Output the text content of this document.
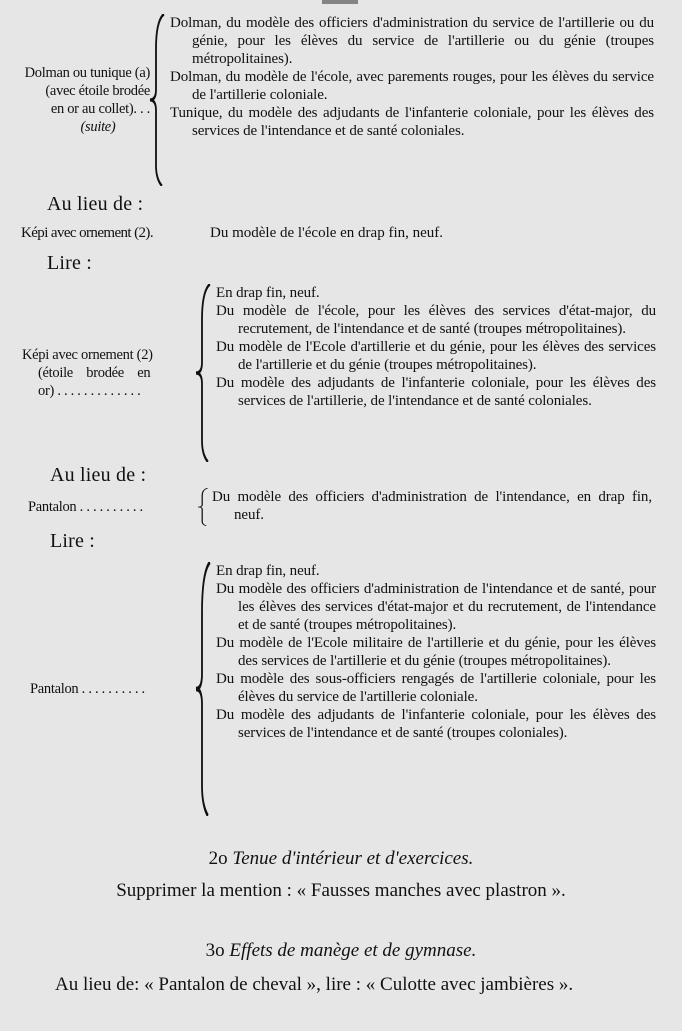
Dolman ou tunique (a)
(avec étoile brodée
en or au collet). . .
(suite)
Dolman, du modèle des officiers d'administration du service de l'artillerie ou du génie, pour les élèves du service de l'artillerie ou du génie (troupes métropolitaines).
Dolman, du modèle de l'école, avec parements rouges, pour les élèves du service de l'artillerie coloniale.
Tunique, du modèle des adjudants de l'infanterie coloniale, pour les élèves des services de l'intendance et de santé coloniales.
Au lieu de :
Képi avec ornement (2).	Du modèle de l'école en drap fin, neuf.
Lire :
Képi avec ornement (2)
(étoile brodée en
or) . . . . . . . . . . . . .
En drap fin, neuf.
Du modèle de l'école, pour les élèves des services d'état-major, du recrutement, de l'intendance et de santé (troupes métropolitaines).
Du modèle de l'Ecole d'artillerie et du génie, pour les élèves des services de l'artillerie et du génie (troupes métropolitaines).
Du modèle des adjudants de l'infanterie coloniale, pour les élèves des services de l'artillerie, de l'intendance et de santé coloniales.
Au lieu de :
Pantalon . . . . . . . . . .
Du modèle des officiers d'administration de l'intendance, en drap fin, neuf.
Lire :
Pantalon . . . . . . . . . .
En drap fin, neuf.
Du modèle des officiers d'administration de l'intendance et de santé, pour les élèves des services d'état-major et du recrutement, de l'intendance et de santé (troupes métropolitaines).
Du modèle de l'Ecole militaire de l'artillerie et du génie, pour les élèves des services de l'artillerie et du génie (troupes métropolitaines).
Du modèle des sous-officiers rengagés de l'artillerie coloniale, pour les élèves du service de l'artillerie coloniale.
Du modèle des adjudants de l'infanterie coloniale, pour les élèves des services de l'intendance et de santé (troupes coloniales).
2o Tenue d'intérieur et d'exercices.
Supprimer la mention : « Fausses manches avec plastron ».
3o Effets de manège et de gymnase.
Au lieu de: « Pantalon de cheval », lire : « Culotte avec jambières ».
